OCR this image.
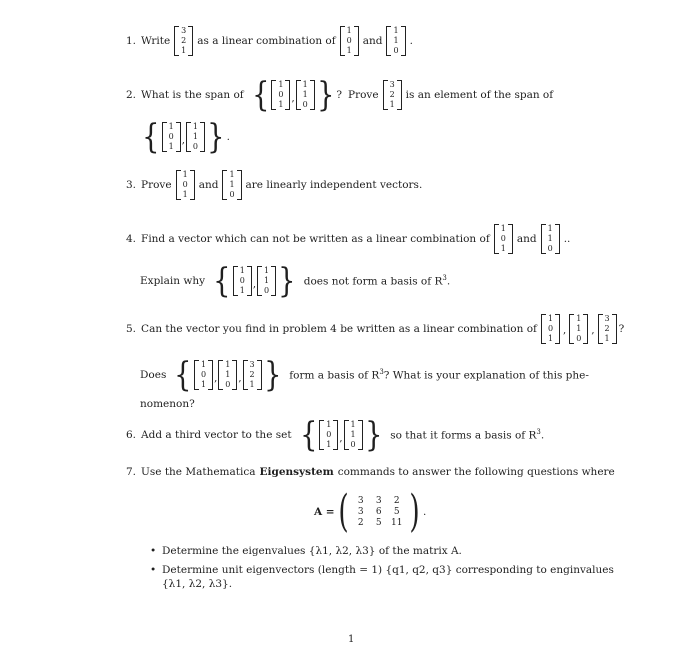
1. Write
3
2
1
as a linear combination of
1
0
1
and
1
1
0
.
2. What is the span of { 1
0
1
,
1
1
0 } ? Prove
3
2
1
is an element of the span of
{ 1
0
1
,
1
1
0 } .
3. Prove
1
0
1
and
1
1
0
are linearly independent vectors.
4. Find a vector which can not be written as a linear combination of
1
0
1
and
1
1
0
..
Explain why { 1
0
1
,
1
1
0 } does not form a basis of $R^3$.
5. Can the vector you find in problem 4 be written as a linear combination of
1
0
1
,
1
1
0
,
3
2
1
?
Does { 1
0
1
,
1
1
0
,
3
2
1 } form a basis of $R^3$? What is your explanation of this phe-
nomenon?
6. Add a third vector to the set { 1
0
1
,
1
1
0 } so that it forms a basis of $R^3$.
7. Use the Mathematica Eigensystem commands to answer the following questions where
A = (	3	3	2
3	6	5
2	5	11 ) .
• Determine the eigenvalues {λ1, λ2, λ3} of the matrix A.
• Determine unit eigenvectors (length = 1) {q1, q2, q3} corresponding to enginvalues
{λ1, λ2, λ3}.
1
